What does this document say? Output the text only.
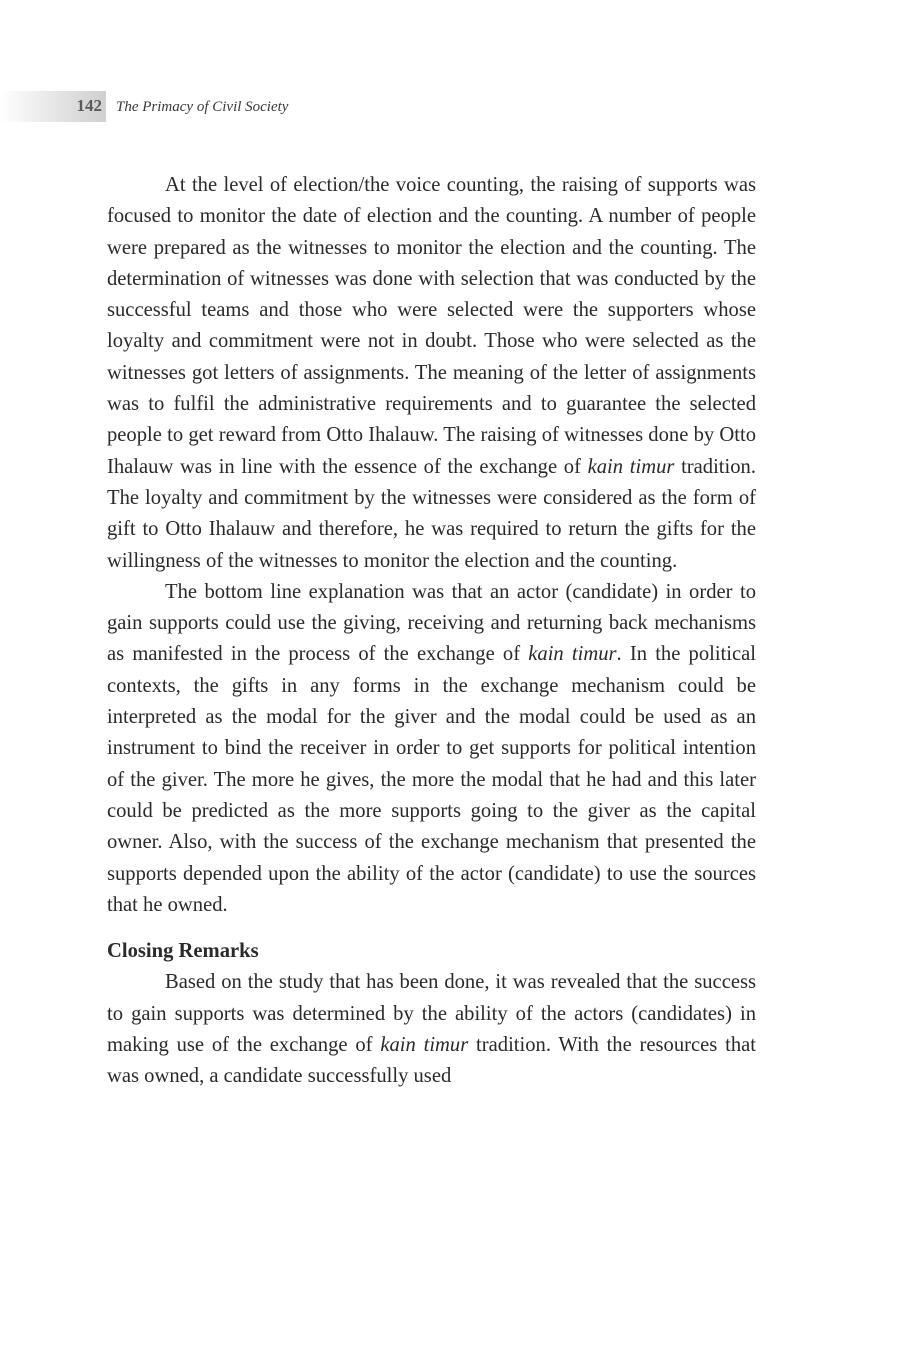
142 The Primacy of Civil Society

At the level of election/the voice counting, the raising of supports was focused to monitor the date of election and the counting. A number of people were prepared as the witnesses to monitor the election and the counting. The determination of witnesses was done with selection that was conducted by the successful teams and those who were selected were the supporters whose loyalty and commitment were not in doubt. Those who were selected as the witnesses got letters of assignments. The meaning of the letter of assignments was to fulfil the administrative requirements and to guarantee the selected people to get reward from Otto Ihalauw. The raising of witnesses done by Otto Ihalauw was in line with the essence of the exchange of kain timur tradition. The loyalty and commitment by the witnesses were considered as the form of gift to Otto Ihalauw and therefore, he was required to return the gifts for the willingness of the witnesses to monitor the election and the counting.

The bottom line explanation was that an actor (candidate) in order to gain supports could use the giving, receiving and returning back mechanisms as manifested in the process of the exchange of kain timur. In the political contexts, the gifts in any forms in the exchange mechanism could be interpreted as the modal for the giver and the modal could be used as an instrument to bind the receiver in order to get supports for political intention of the giver. The more he gives, the more the modal that he had and this later could be predicted as the more supports going to the giver as the capital owner. Also, with the success of the exchange mechanism that presented the supports depended upon the ability of the actor (candidate) to use the sources that he owned.

Closing Remarks

Based on the study that has been done, it was revealed that the success to gain supports was determined by the ability of the actors (candidates) in making use of the exchange of kain timur tradition. With the resources that was owned, a candidate successfully used
